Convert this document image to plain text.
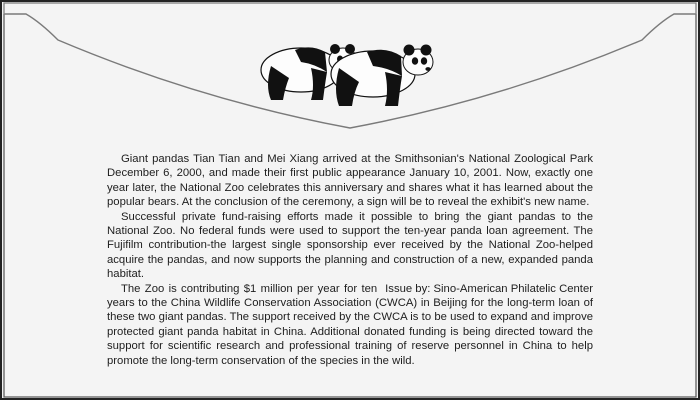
Giant pandas Tian Tian and Mei Xiang arrived at the Smithsonian's National Zoological Park December 6, 2000, and made their first public appearance January 10, 2001. Now, exactly one year later, the National Zoo celebrates this anniversary and shares what it has learned about the popular bears. At the conclusion of the ceremony, a sign will be to reveal the exhibit's new name.

Successful private fund-raising efforts made it possible to bring the giant pandas to the National Zoo. No federal funds were used to support the ten-year panda loan agreement. The Fujifilm contribution-the largest single sponsorship ever received by the National Zoo-helped acquire the pandas, and now supports the planning and construction of a new, expanded panda habitat.

Issue by: Sino-American Philatelic Center
The Zoo is contributing $1 million per year for ten years to the China Wildlife Conservation Association (CWCA) in Beijing for the long-term loan of these two giant pandas. The support received by the CWCA is to be used to expand and improve protected giant panda habitat in China. Additional donated funding is being directed toward the support for scientific research and professional training of reserve personnel in China to help promote the long-term conservation of the species in the wild.
